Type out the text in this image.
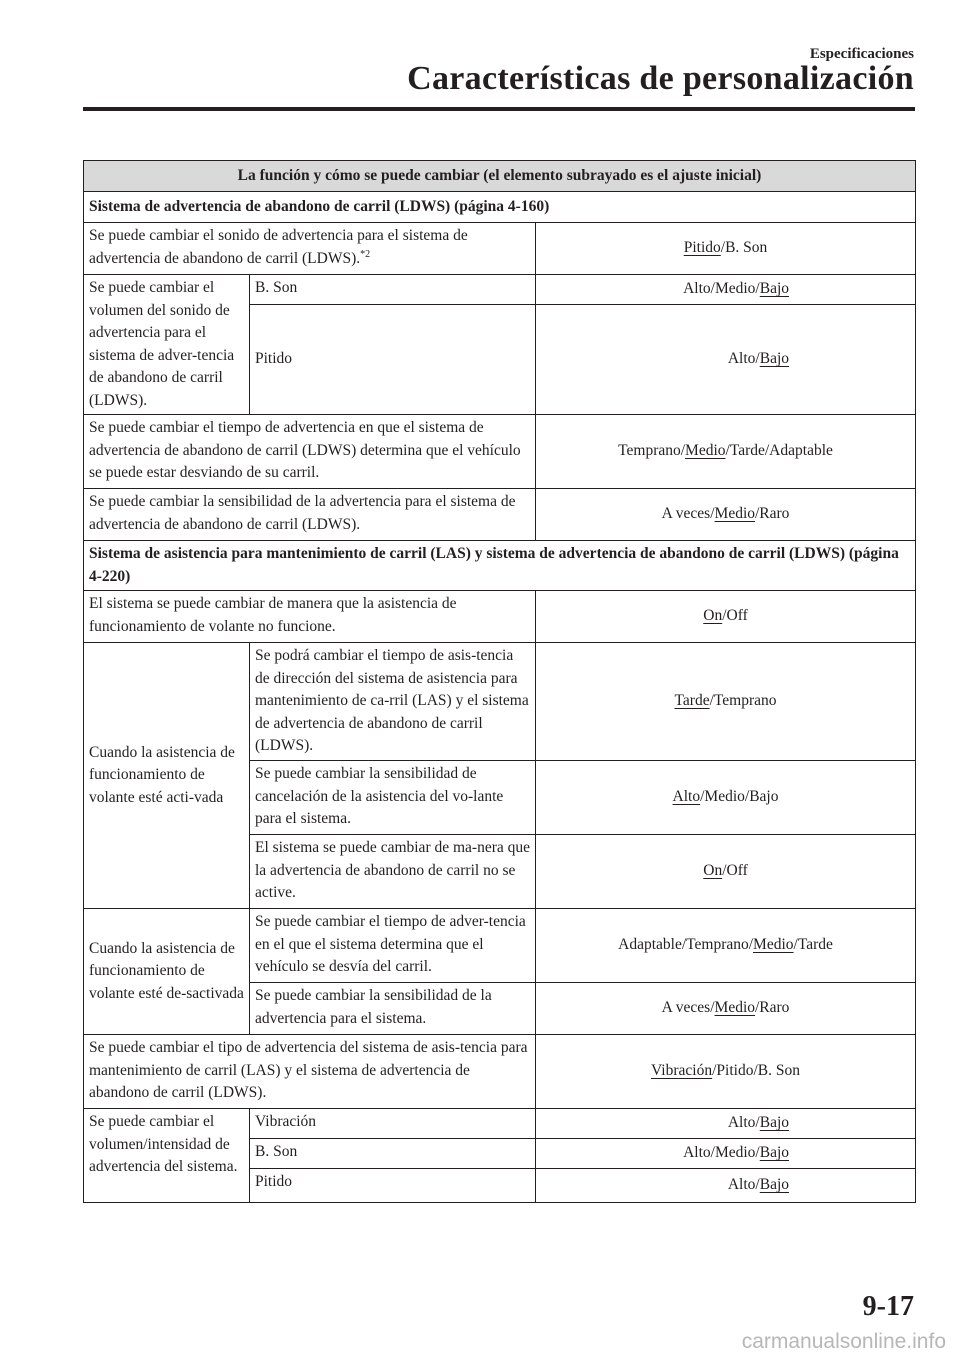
Especificaciones

Características de personalización
La función y cómo se puede cambiar (el elemento subrayado es el ajuste inicial)		
Sistema de advertencia de abandono de carril (LDWS) (página 4-160)		
Se puede cambiar el sonido de advertencia para el sistema de advertencia de abandono de carril (LDWS).$^{*2}$		Pitido/B. Son
Se puede cambiar el volumen del sonido de advertencia para el sistema de adver-tencia de abandono de carril (LDWS).	B. Son	Alto/Medio/Bajo
	Pitido	Alto/Bajo
Se puede cambiar el tiempo de advertencia en que el sistema de advertencia de abandono de carril (LDWS) determina que el vehículo se puede estar desviando de su carril.		Temprano/Medio/Tarde/Adaptable
Se puede cambiar la sensibilidad de la advertencia para el sistema de advertencia de abandono de carril (LDWS).		A veces/Medio/Raro
Sistema de asistencia para mantenimiento de carril (LAS) y sistema de advertencia de abandono de carril (LDWS) (página 4-220)		
El sistema se puede cambiar de manera que la asistencia de funcionamiento de volante no funcione.		On/Off
Cuando la asistencia de funcionamiento de volante esté acti-vada	Se podrá cambiar el tiempo de asis-tencia de dirección del sistema de asistencia para mantenimiento de ca-rril (LAS) y el sistema de advertencia de abandono de carril (LDWS).	Tarde/Temprano
	Se puede cambiar la sensibilidad de cancelación de la asistencia del vo-lante para el sistema.	Alto/Medio/Bajo
	El sistema se puede cambiar de ma-nera que la advertencia de abandono de carril no se active.	On/Off
Cuando la asistencia de funcionamiento de volante esté de-sactivada	Se puede cambiar el tiempo de adver-tencia en el que el sistema determina que el vehículo se desvía del carril.	Adaptable/Temprano/Medio/Tarde
	Se puede cambiar la sensibilidad de la advertencia para el sistema.	A veces/Medio/Raro
Se puede cambiar el tipo de advertencia del sistema de asis-tencia para mantenimiento de carril (LAS) y el sistema de advertencia de abandono de carril (LDWS).		Vibración/Pitido/B. Son
Se puede cambiar el volumen/intensidad de advertencia del sistema.	Vibración	Alto/Bajo
	B. Son	Alto/Medio/Bajo
	Pitido	Alto/Bajo

9-17

carmanualsonline.info
